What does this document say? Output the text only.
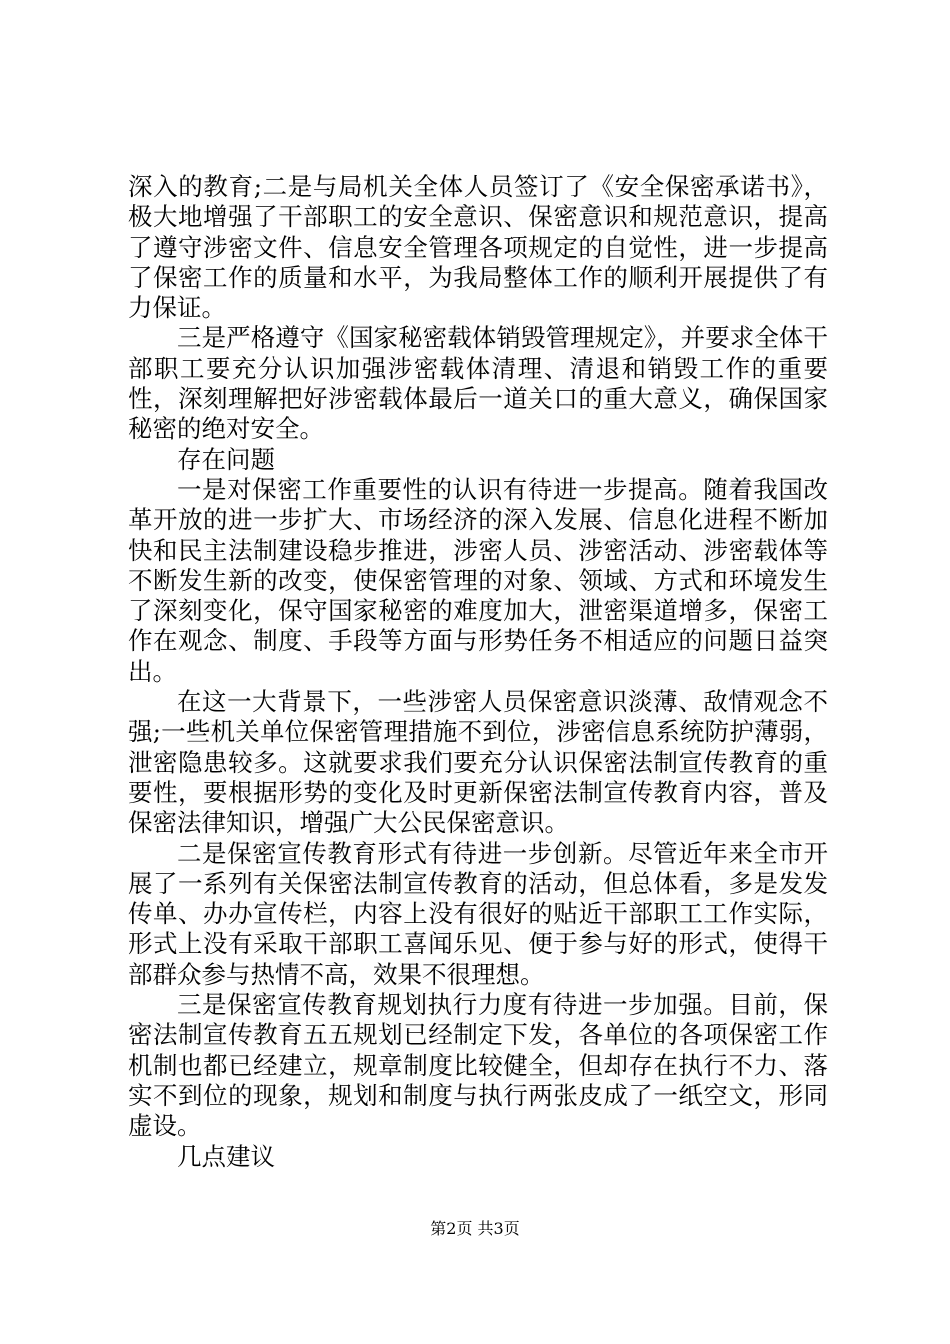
深入的教育;二是与局机关全体人员签订了《安全保密承诺书》，极大地增强了干部职工的安全意识、保密意识和规范意识，提高了遵守涉密文件、信息安全管理各项规定的自觉性，进一步提高了保密工作的质量和水平，为我局整体工作的顺利开展提供了有力保证。

三是严格遵守《国家秘密载体销毁管理规定》，并要求全体干部职工要充分认识加强涉密载体清理、清退和销毁工作的重要性，深刻理解把好涉密载体最后一道关口的重大意义，确保国家秘密的绝对安全。

存在问题

一是对保密工作重要性的认识有待进一步提高。随着我国改革开放的进一步扩大、市场经济的深入发展、信息化进程不断加快和民主法制建设稳步推进，涉密人员、涉密活动、涉密载体等不断发生新的改变，使保密管理的对象、领域、方式和环境发生了深刻变化，保守国家秘密的难度加大，泄密渠道增多，保密工作在观念、制度、手段等方面与形势任务不相适应的问题日益突出。

在这一大背景下，一些涉密人员保密意识淡薄、敌情观念不强;一些机关单位保密管理措施不到位，涉密信息系统防护薄弱，泄密隐患较多。这就要求我们要充分认识保密法制宣传教育的重要性，要根据形势的变化及时更新保密法制宣传教育内容，普及保密法律知识，增强广大公民保密意识。

二是保密宣传教育形式有待进一步创新。尽管近年来全市开展了一系列有关保密法制宣传教育的活动，但总体看，多是发发传单、办办宣传栏，内容上没有很好的贴近干部职工工作实际，形式上没有采取干部职工喜闻乐见、便于参与好的形式，使得干部群众参与热情不高，效果不很理想。

三是保密宣传教育规划执行力度有待进一步加强。目前，保密法制宣传教育五五规划已经制定下发，各单位的各项保密工作机制也都已经建立，规章制度比较健全，但却存在执行不力、落实不到位的现象，规划和制度与执行两张皮成了一纸空文，形同虚设。

几点建议

第2页 共3页
